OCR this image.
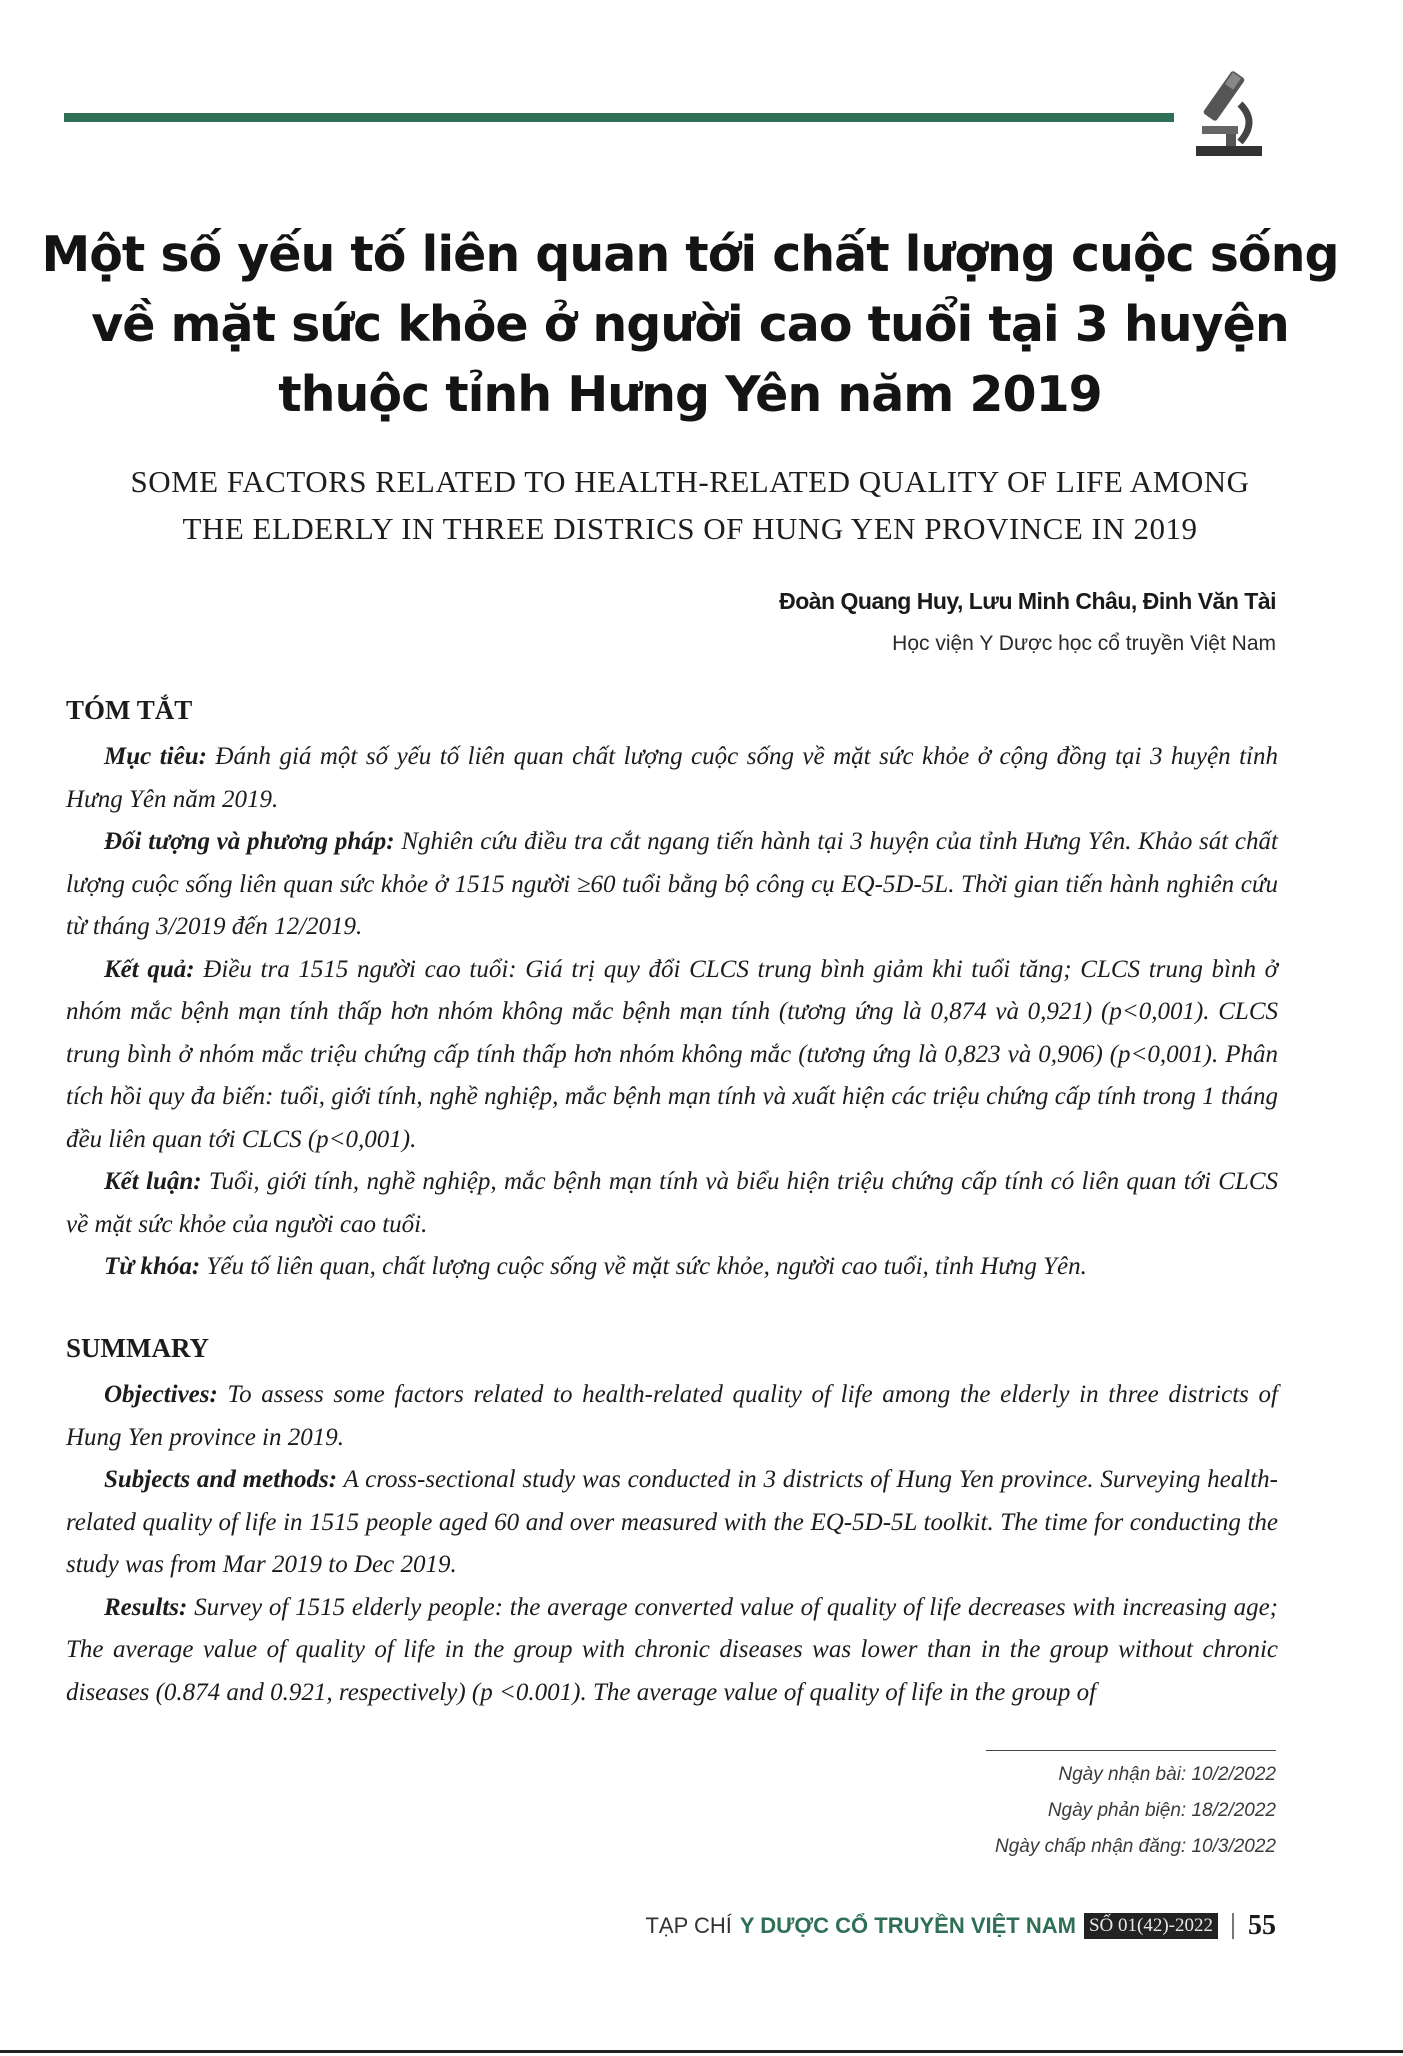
Một số yếu tố liên quan tới chất lượng cuộc sống
về mặt sức khỏe ở người cao tuổi tại 3 huyện
thuộc tỉnh Hưng Yên năm 2019
SOME FACTORS RELATED TO HEALTH-RELATED QUALITY OF LIFE AMONG
THE ELDERLY IN THREE DISTRICS OF HUNG YEN PROVINCE IN 2019
Đoàn Quang Huy, Lưu Minh Châu, Đinh Văn Tài
Học viện Y Dược học cổ truyền Việt Nam
TÓM TẮT

Mục tiêu: Đánh giá một số yếu tố liên quan chất lượng cuộc sống về mặt sức khỏe ở cộng đồng tại 3 huyện tỉnh Hưng Yên năm 2019.

Đối tượng và phương pháp: Nghiên cứu điều tra cắt ngang tiến hành tại 3 huyện của tỉnh Hưng Yên. Khảo sát chất lượng cuộc sống liên quan sức khỏe ở 1515 người ≥60 tuổi bằng bộ công cụ EQ-5D-5L. Thời gian tiến hành nghiên cứu từ tháng 3/2019 đến 12/2019.

Kết quả: Điều tra 1515 người cao tuổi: Giá trị quy đổi CLCS trung bình giảm khi tuổi tăng; CLCS trung bình ở nhóm mắc bệnh mạn tính thấp hơn nhóm không mắc bệnh mạn tính (tương ứng là 0,874 và 0,921) (p<0,001). CLCS trung bình ở nhóm mắc triệu chứng cấp tính thấp hơn nhóm không mắc (tương ứng là 0,823 và 0,906) (p<0,001). Phân tích hồi quy đa biến: tuổi, giới tính, nghề nghiệp, mắc bệnh mạn tính và xuất hiện các triệu chứng cấp tính trong 1 tháng đều liên quan tới CLCS (p<0,001).

Kết luận: Tuổi, giới tính, nghề nghiệp, mắc bệnh mạn tính và biểu hiện triệu chứng cấp tính có liên quan tới CLCS về mặt sức khỏe của người cao tuổi.

Từ khóa: Yếu tố liên quan, chất lượng cuộc sống về mặt sức khỏe, người cao tuổi, tỉnh Hưng Yên.

SUMMARY

Objectives: To assess some factors related to health-related quality of life among the elderly in three districts of Hung Yen province in 2019.

Subjects and methods: A cross-sectional study was conducted in 3 districts of Hung Yen province. Surveying health-related quality of life in 1515 people aged 60 and over measured with the EQ-5D-5L toolkit. The time for conducting the study was from Mar 2019 to Dec 2019.

Results: Survey of 1515 elderly people: the average converted value of quality of life decreases with increasing age; The average value of quality of life in the group with chronic diseases was lower than in the group without chronic diseases (0.874 and 0.921, respectively) (p <0.001). The average value of quality of life in the group of

Ngày nhận bài: 10/2/2022
Ngày phản biện: 18/2/2022
Ngày chấp nhận đăng: 10/3/2022
TẠP CHÍ Y DƯỢC CỔ TRUYỀN VIỆT NAM SỐ 01(42)-2022 55
